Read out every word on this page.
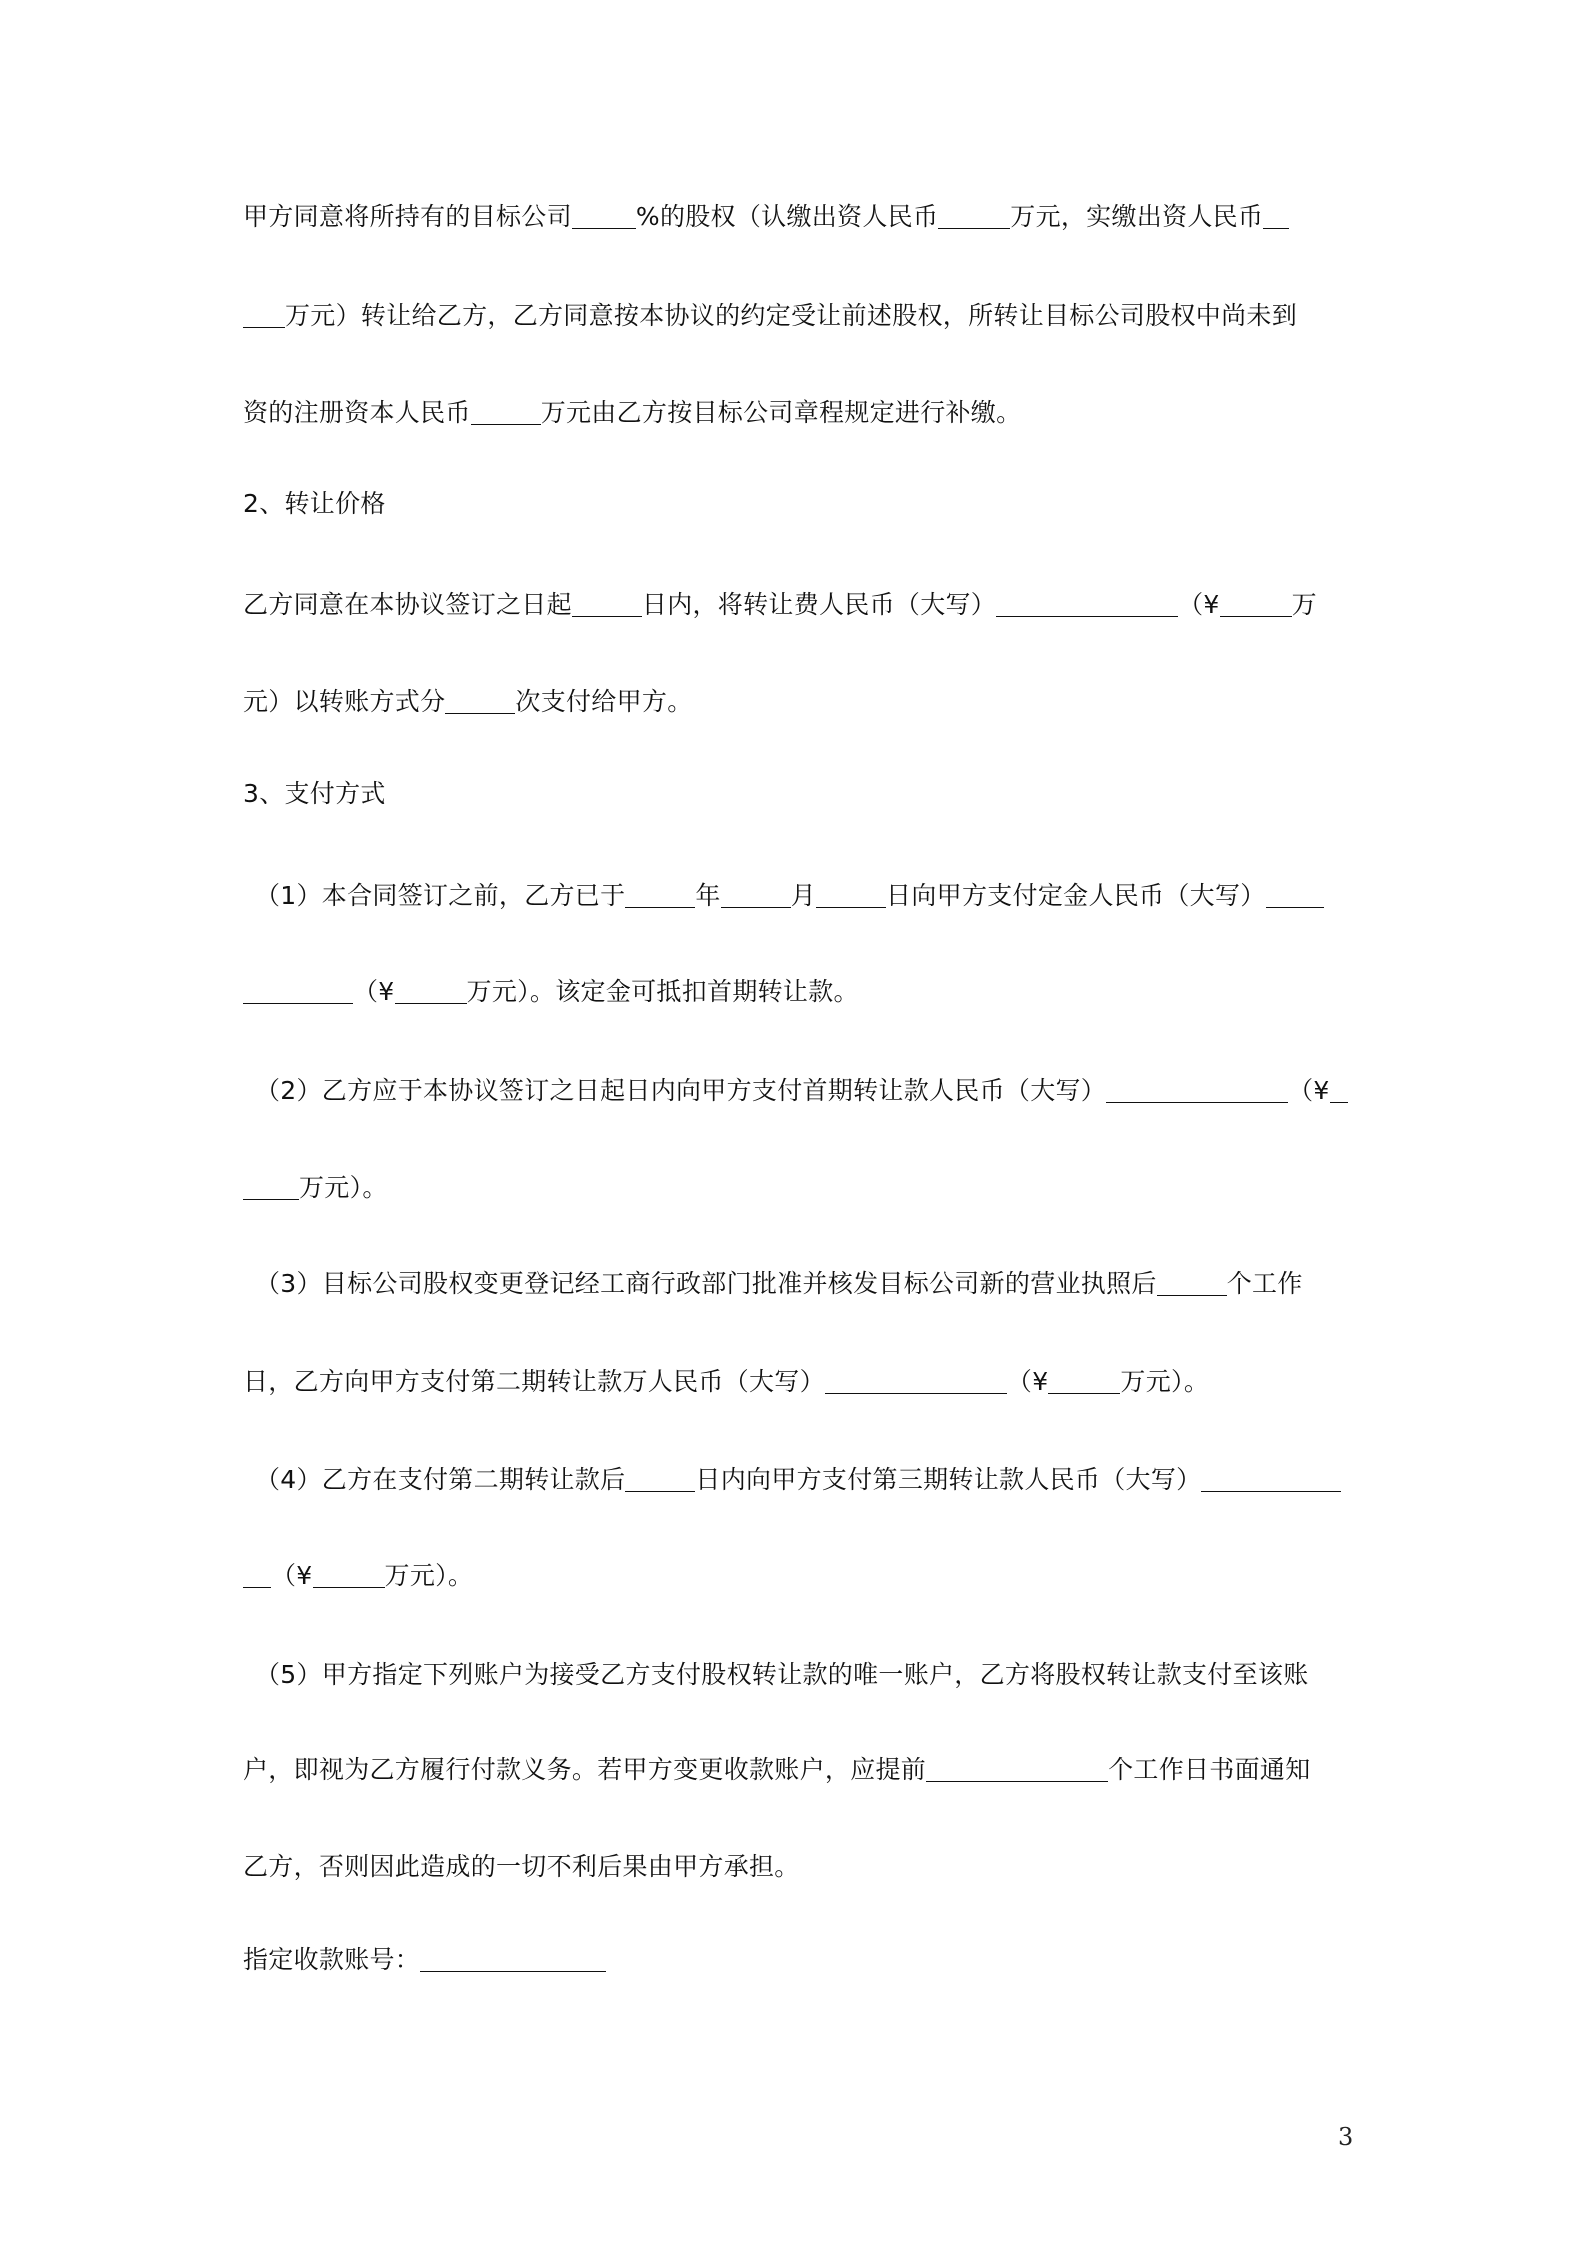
甲方同意将所持有的目标公司	%的股权（认缴出资人民币	万元，实缴出资人民币
万元）转让给乙方，乙方同意按本协议的约定受让前述股权，所转让目标公司股权中尚未到
资的注册资本人民币	万元由乙方按目标公司章程规定进行补缴。
2、转让价格
乙方同意在本协议签订之日起	日内，将转让费人民币（大写）	（¥	万
元）以转账方式分	次支付给甲方。
3、支付方式
（1）本合同签订之前，乙方已于	年	月	日向甲方支付定金人民币（大写）
（¥	万元）。该定金可抵扣首期转让款。
（2）乙方应于本协议签订之日起日内向甲方支付首期转让款人民币（大写）	（¥
万元）。
（3）目标公司股权变更登记经工商行政部门批准并核发目标公司新的营业执照后	个工作
日，乙方向甲方支付第二期转让款万人民币（大写）	（¥	万元）。
（4）乙方在支付第二期转让款后	日内向甲方支付第三期转让款人民币（大写）
（¥	万元）。
（5）甲方指定下列账户为接受乙方支付股权转让款的唯一账户，乙方将股权转让款支付至该账
户，即视为乙方履行付款义务。若甲方变更收款账户，应提前	个工作日书面通知
乙方，否则因此造成的一切不利后果由甲方承担。
指定收款账号：
3
